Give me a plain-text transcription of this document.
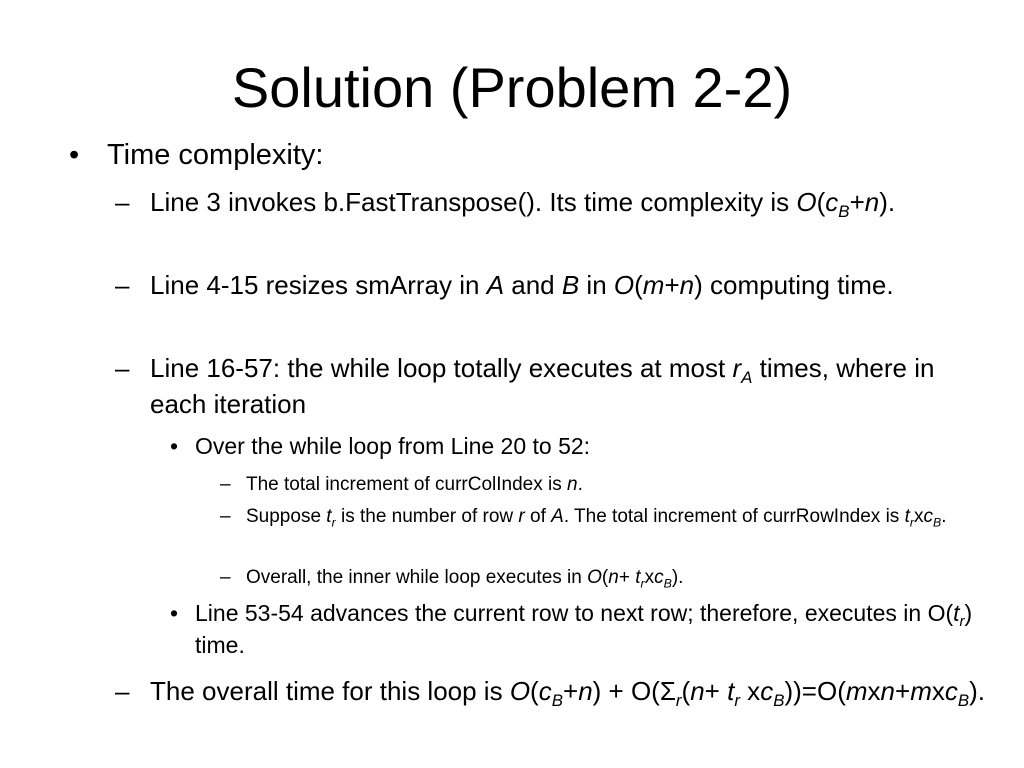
Solution (Problem 2-2)

• Time complexity:

– Line 3 invokes b.FastTranspose(). Its time complexity is $O(c_B+n)$.

– Line 4-15 resizes smArray in A and B in O(m+n) computing time.

– Line 16-57: the while loop totally executes at most $r_A$ times, where in each iteration

• Over the while loop from Line 20 to 52:

– The total increment of currColIndex is n.

– Suppose $t_r$ is the number of row r of A. The total increment of currRowIndex is $t_rxc_B$.

– Overall, the inner while loop executes in $O(n+ t_rxc_B)$.

• Line 53-54 advances the current row to next row; therefore, executes in $O(t_r)$ time.

– The overall time for this loop is $O(c_B+n) + O(\Sigma_r(n+ t_r$ $xc_B))=O(mxn+mxc_B)$.
